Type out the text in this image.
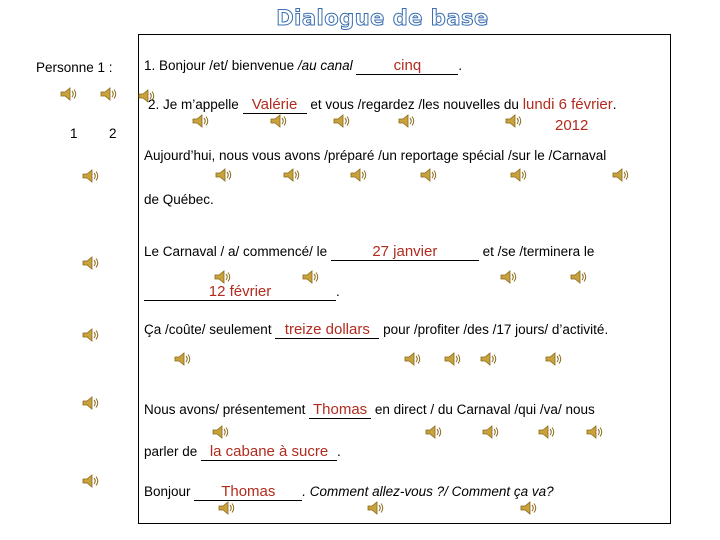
Dialogue de base
Personne 1 :
1 2
1. Bonjour /et/ bienvenue /au canal cinq	.
2. Je m’appelle Valérie et vous /regardez /les nouvelles du lundi 6 février.
2012
Aujourd’hui, nous vous avons /préparé /un reportage spécial /sur le /Carnaval
de Québec.
Le Carnaval / a/ commencé/ le	27 janvier	et /se /terminera le
12 février	.
Ça /coûte/ seulement treize dollars pour /profiter /des /17 jours/ d’activité.
Nous avons/ présentement Thomas en direct / du Carnaval /qui /va/ nous
parler de la cabane à sucre .
Bonjour Thomas . Comment allez-vous ?/ Comment ça va?
